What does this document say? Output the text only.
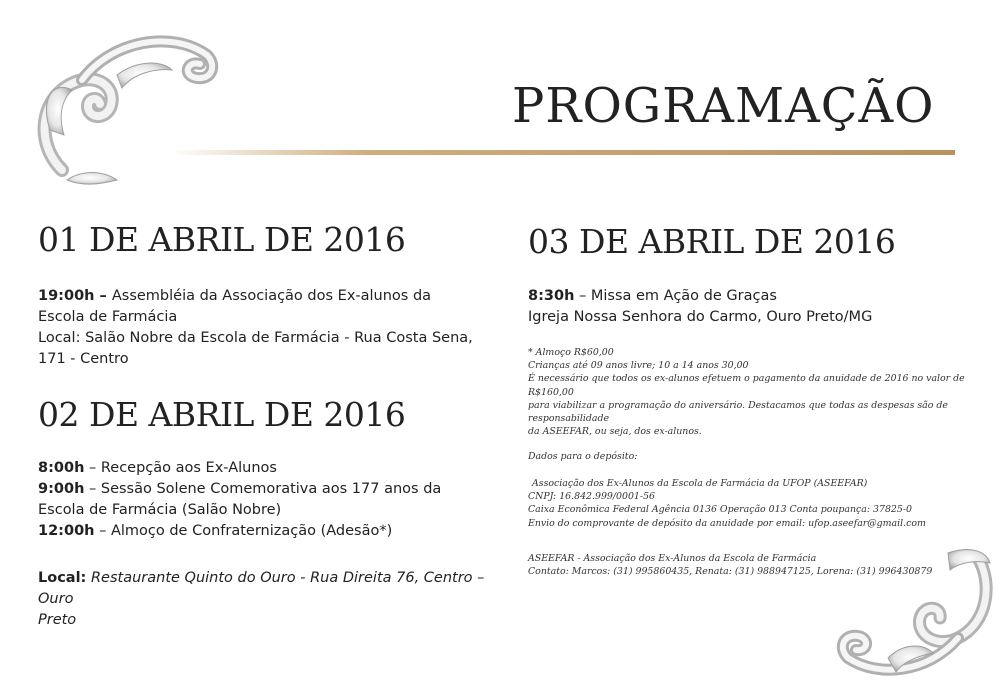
PROGRAMAÇÃO
01 DE ABRIL DE 2016
19:00h – Assembléia da Associação dos Ex-alunos da
Escola de Farmácia
Local: Salão Nobre da Escola de Farmácia - Rua Costa Sena,
171 - Centro
02 DE ABRIL DE 2016
8:00h – Recepção aos Ex-Alunos
9:00h – Sessão Solene Comemorativa aos 177 anos da
Escola de Farmácia (Salão Nobre)
12:00h – Almoço de Confraternização (Adesão*)
Local: Restaurante Quinto do Ouro - Rua Direita 76, Centro – Ouro
Preto
03 DE ABRIL DE 2016
8:30h – Missa em Ação de Graças
Igreja Nossa Senhora do Carmo, Ouro Preto/MG
* Almoço R$60,00
Crianças até 09 anos livre; 10 a 14 anos 30,00
É necessário que todos os ex-alunos efetuem o pagamento da anuidade de 2016 no valor de R$160,00
para viabilizar a programação do aniversário. Destacamos que todas as despesas são de responsabilidade
da ASEEFAR, ou seja, dos ex-alunos.
Dados para o depósito:
Associação dos Ex-Alunos da Escola de Farmácia da UFOP (ASEEFAR)
CNPJ: 16.842.999/0001-56
Caixa Econômica Federal Agência 0136 Operação 013 Conta poupança: 37825-0
Envio do comprovante de depósito da anuidade por email: ufop.aseefar@gmail.com
ASEEFAR - Associação dos Ex-Alunos da Escola de Farmácia
Contato: Marcos: (31) 995860435, Renata: (31) 988947125, Lorena: (31) 996430879
